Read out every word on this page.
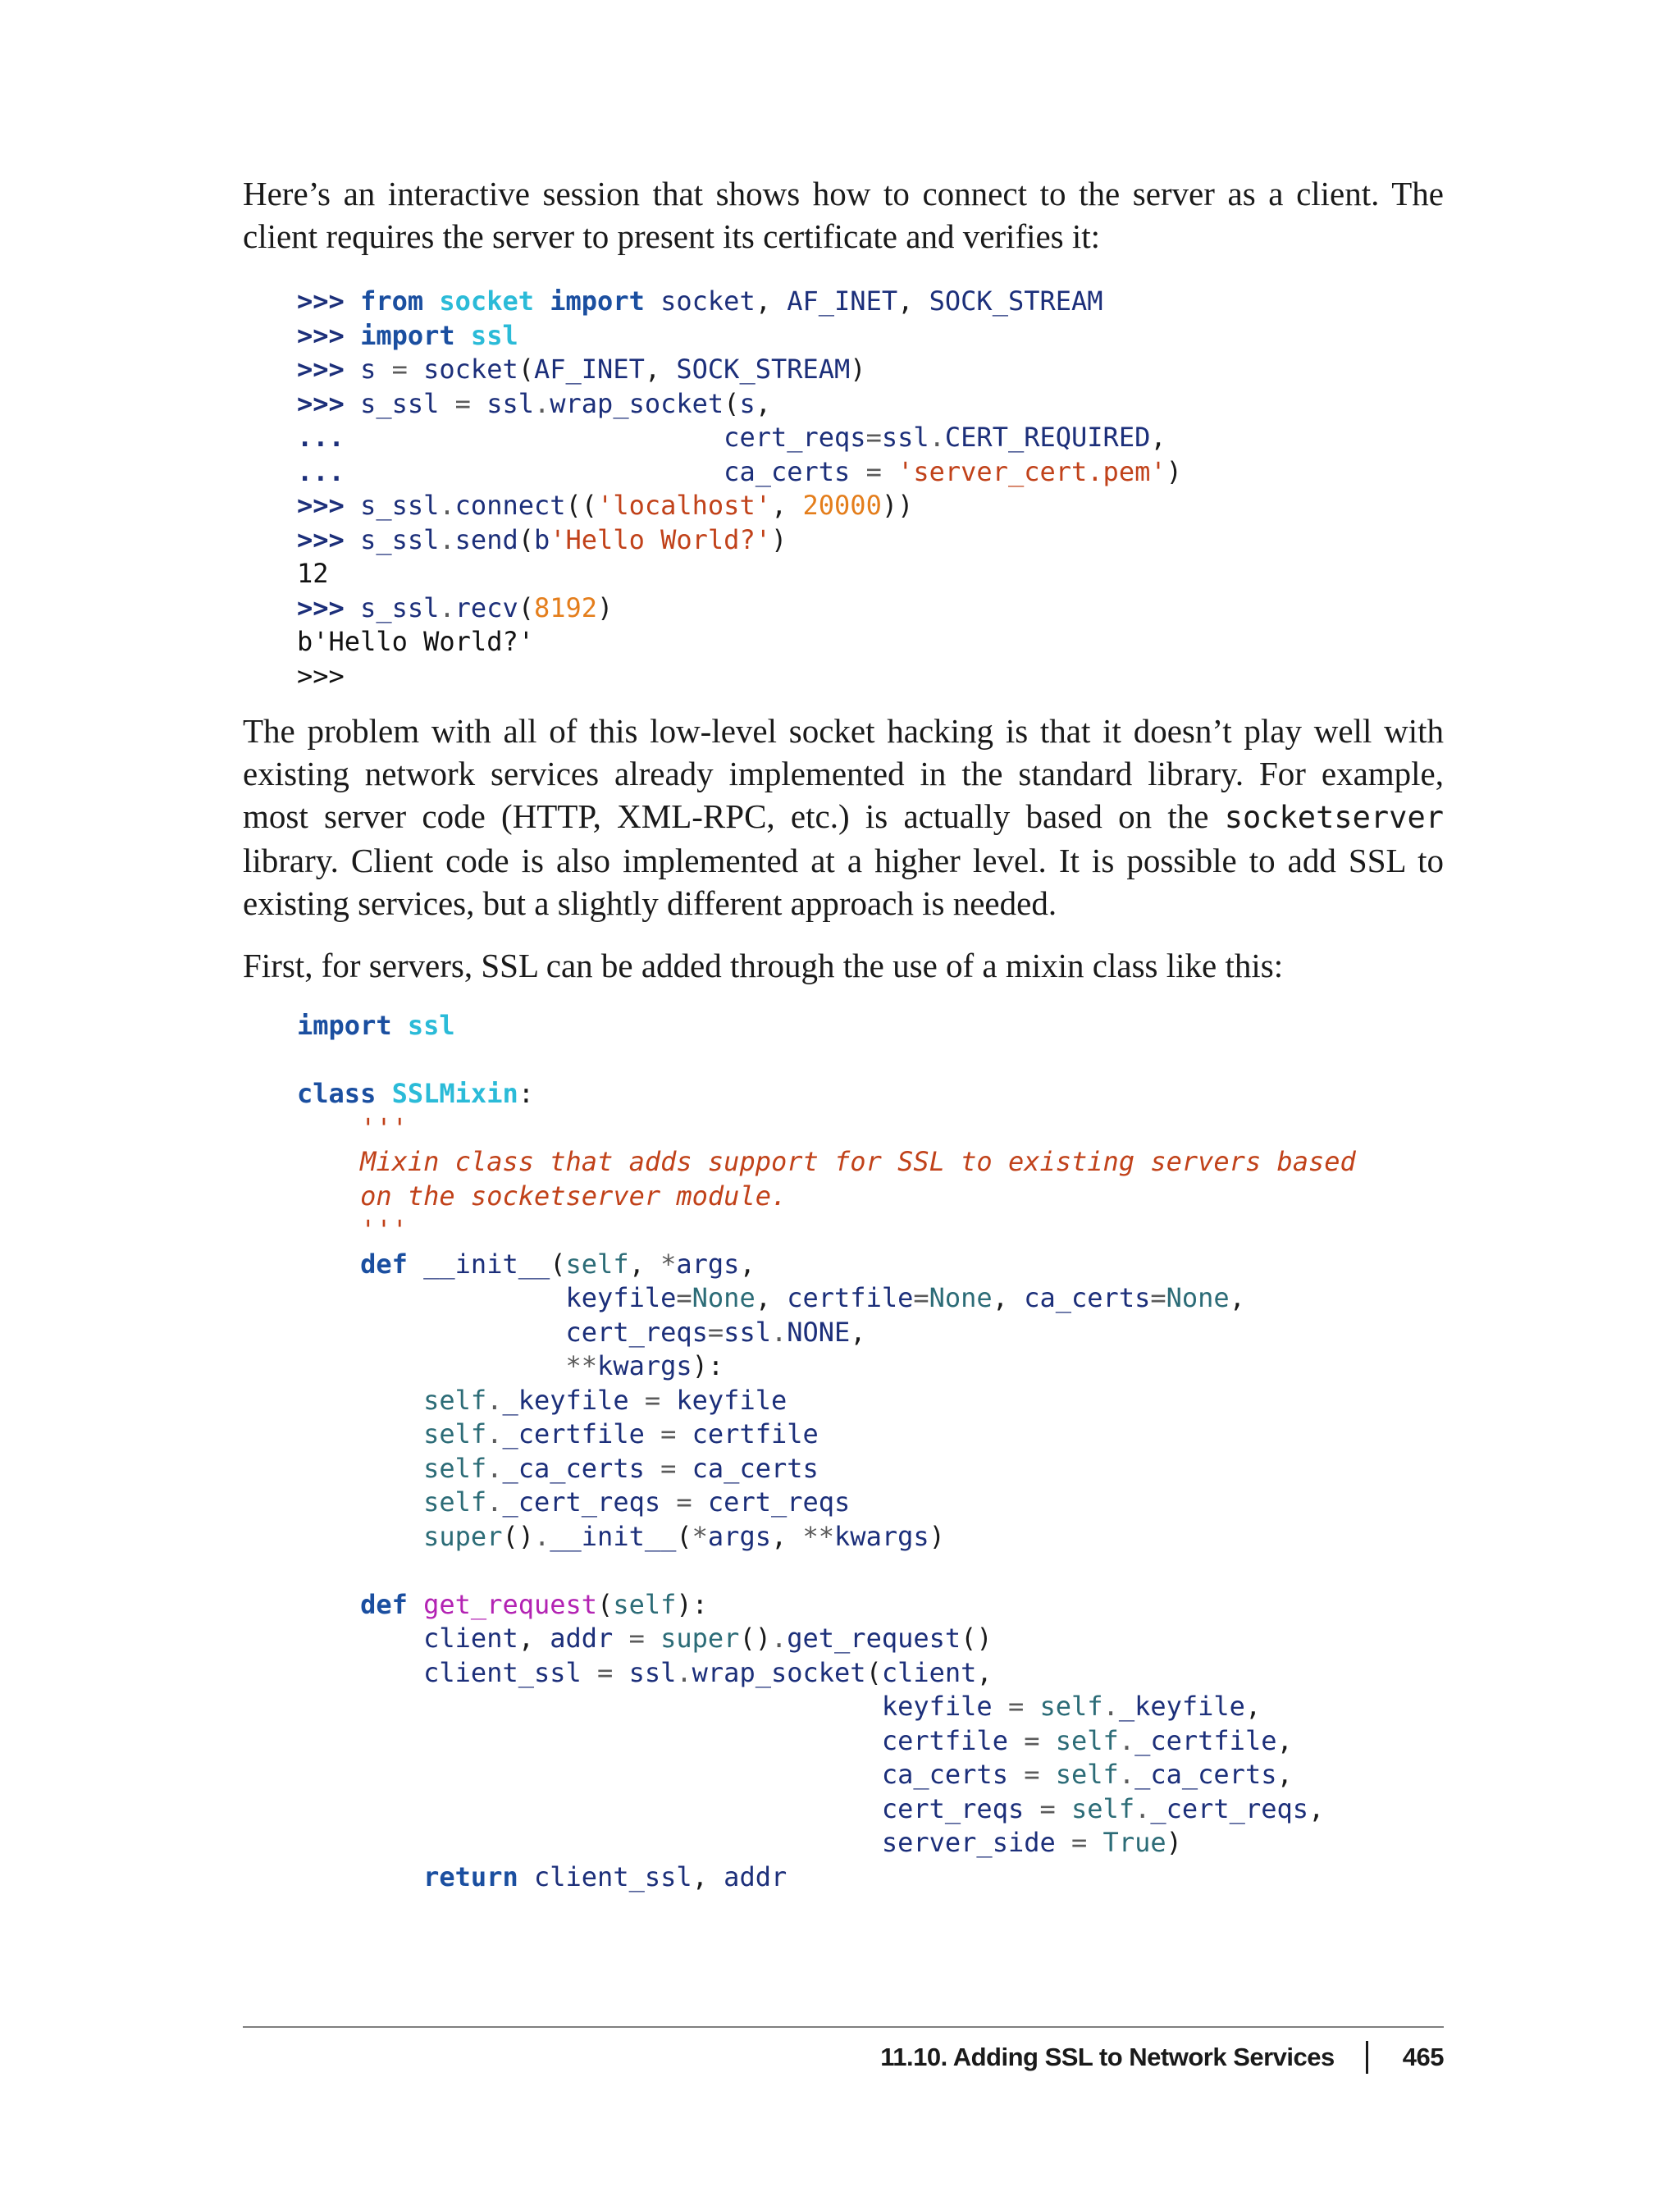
Here’s an interactive session that shows how to connect to the server as a client. The client requires the server to present its certificate and verifies it:

>>> from socket import socket, AF_INET, SOCK_STREAM
>>> import ssl
>>> s = socket(AF_INET, SOCK_STREAM)
>>> s_ssl = ssl.wrap_socket(s,
...                        cert_reqs=ssl.CERT_REQUIRED,
...                        ca_certs = 'server_cert.pem')
>>> s_ssl.connect(('localhost', 20000))
>>> s_ssl.send(b'Hello World?')
12
>>> s_ssl.recv(8192)
b'Hello World?'
>>>

The problem with all of this low-level socket hacking is that it doesn’t play well with existing network services already implemented in the standard library. For example, most server code (HTTP, XML-RPC, etc.) is actually based on the socketserver library. Client code is also implemented at a higher level. It is possible to add SSL to existing services, but a slightly different approach is needed.

First, for servers, SSL can be added through the use of a mixin class like this:

import ssl

class SSLMixin:
'''
Mixin class that adds support for SSL to existing servers based
on the socketserver module.
'''
def __init__(self, *args,
keyfile=None, certfile=None, ca_certs=None,
cert_reqs=ssl.NONE,
**kwargs):
self._keyfile = keyfile
self._certfile = certfile
self._ca_certs = ca_certs
self._cert_reqs = cert_reqs
super().__init__(*args, **kwargs)

def get_request(self):
client, addr = super().get_request()
client_ssl = ssl.wrap_socket(client,
keyfile = self._keyfile,
certfile = self._certfile,
ca_certs = self._ca_certs,
cert_reqs = self._cert_reqs,
server_side = True)
return client_ssl, addr
11.10. Adding SSL to Network Services	465
